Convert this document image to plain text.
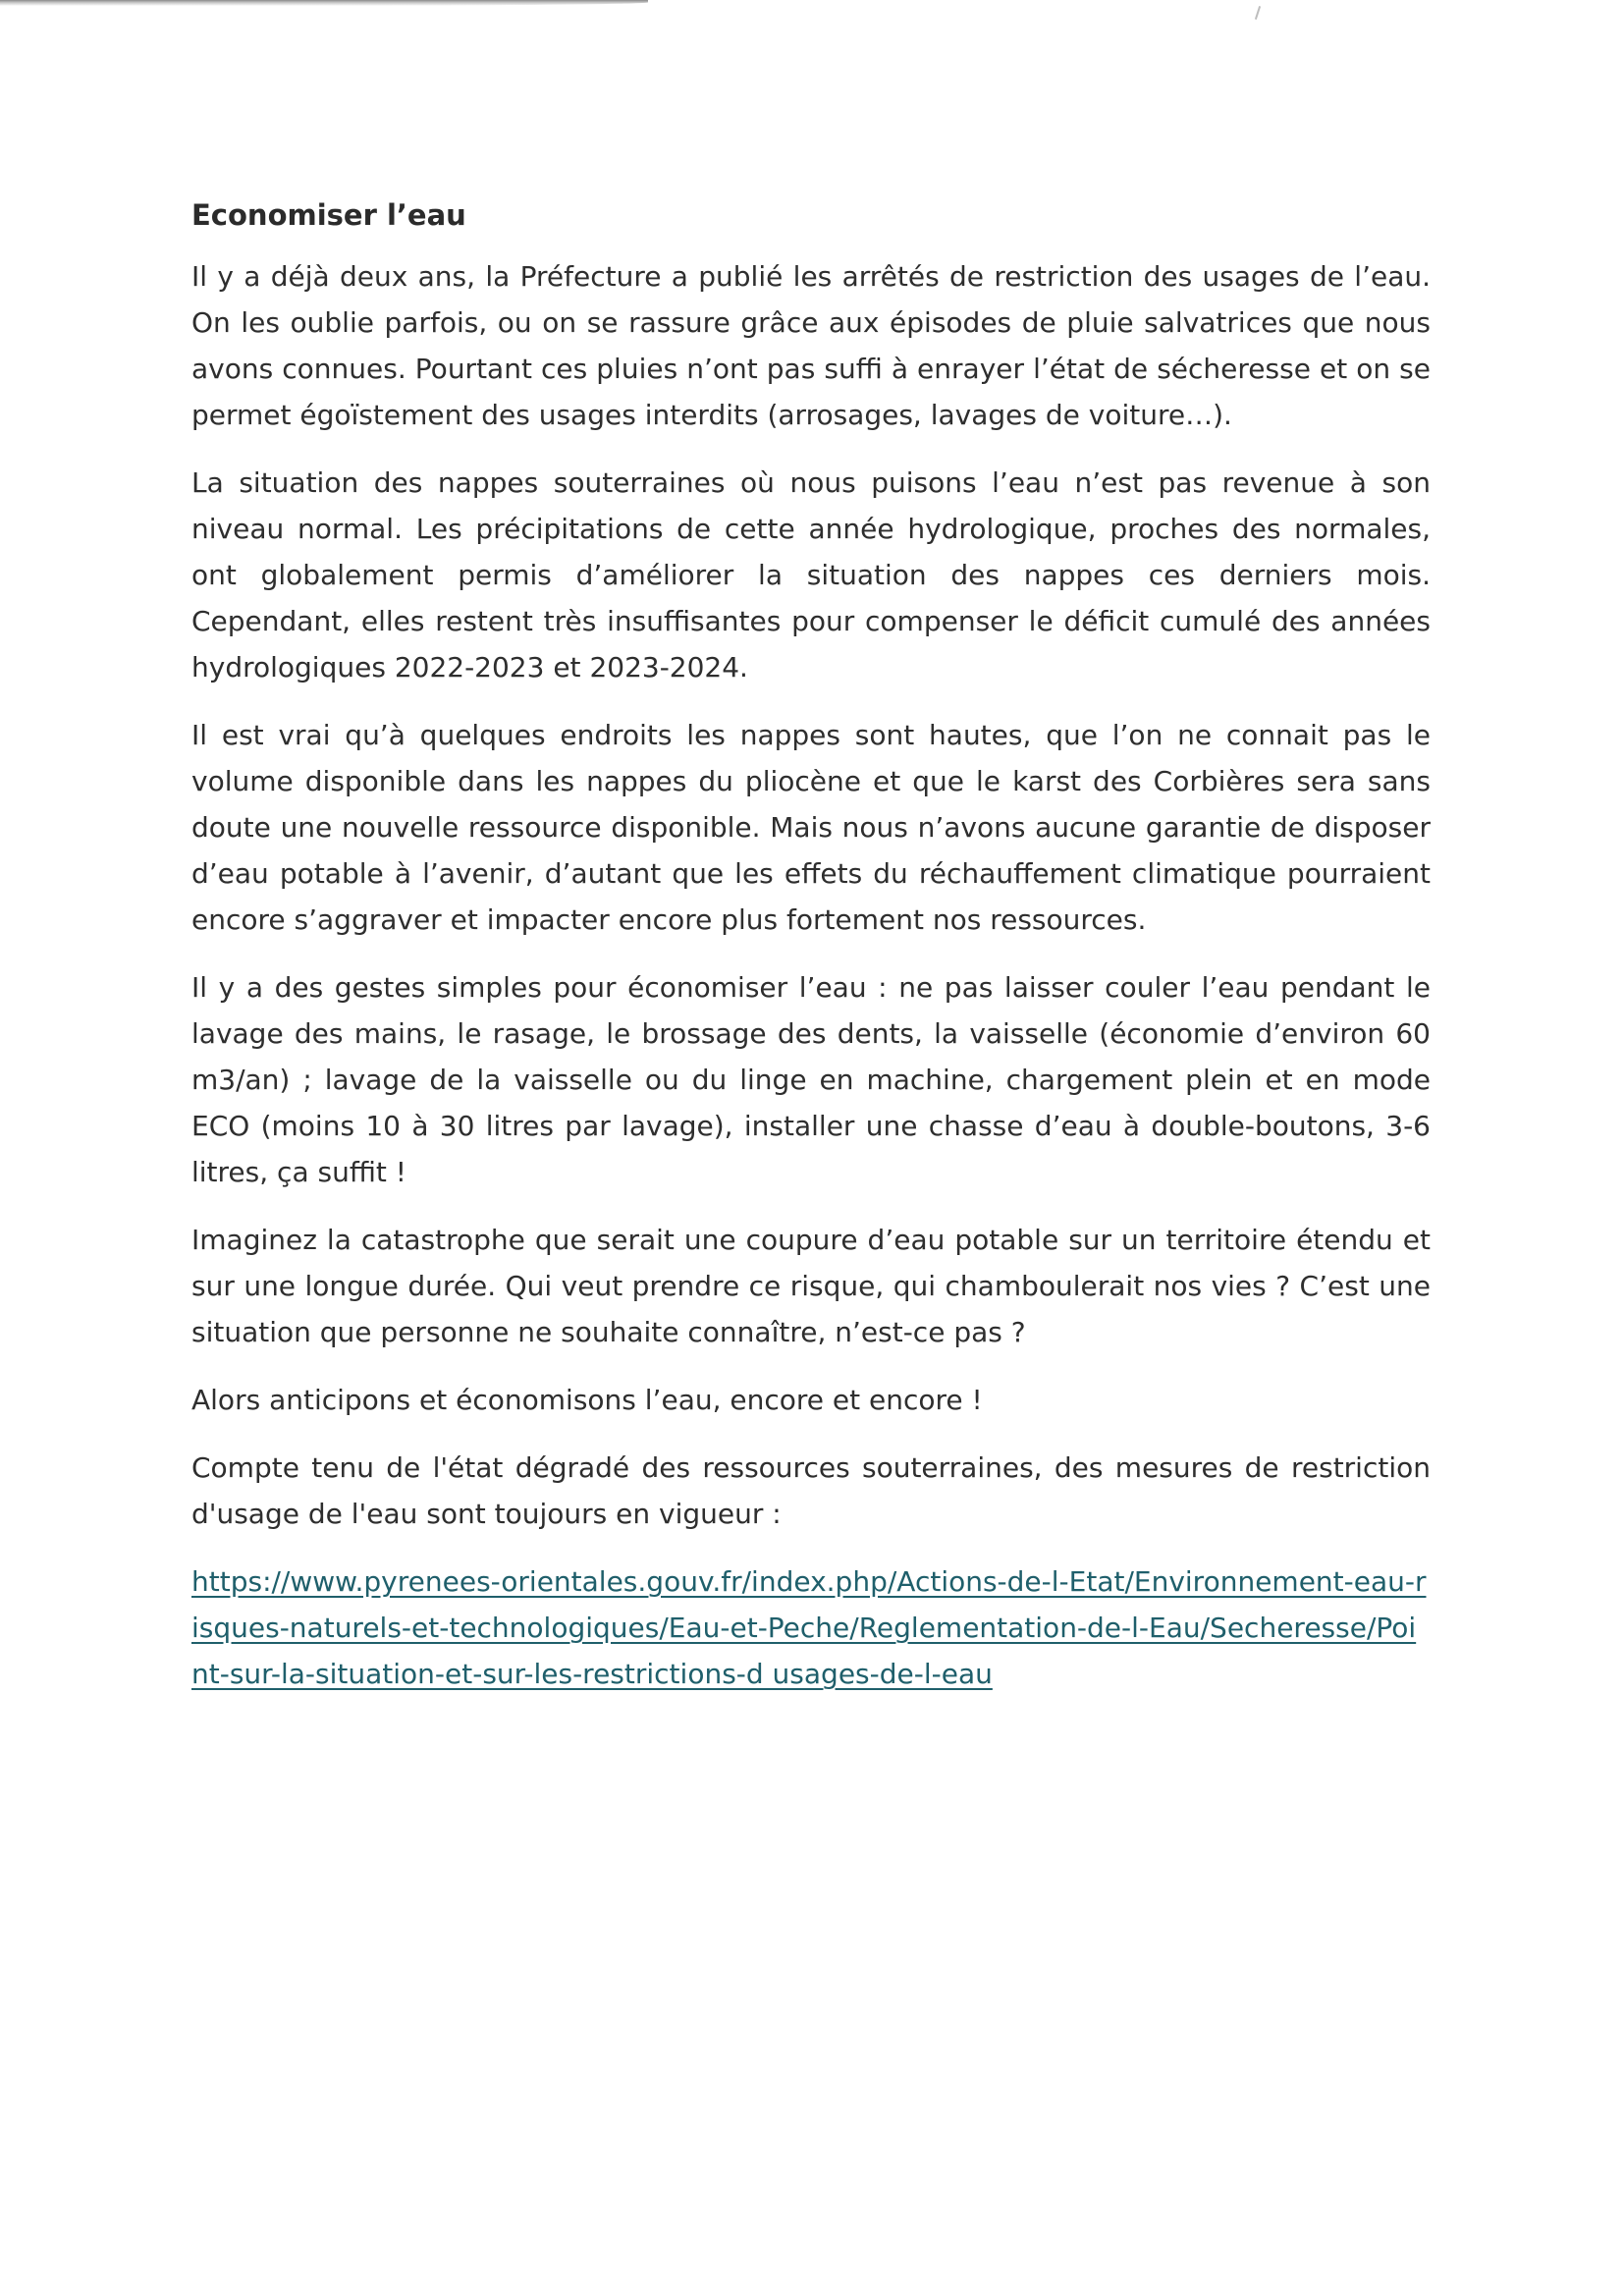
Economiser l’eau

Il y a déjà deux ans, la Préfecture a publié les arrêtés de restriction des usages de l’eau. On les oublie parfois, ou on se rassure grâce aux épisodes de pluie salvatrices que nous avons connues. Pourtant ces pluies n’ont pas suffi à enrayer l’état de sécheresse et on se permet égoïstement des usages interdits (arrosages, lavages de voiture…).

La situation des nappes souterraines où nous puisons l’eau n’est pas revenue à son niveau normal. Les précipitations de cette année hydrologique, proches des normales, ont globalement permis d’améliorer la situation des nappes ces derniers mois. Cependant, elles restent très insuffisantes pour compenser le déficit cumulé des années hydrologiques 2022-2023 et 2023-2024.

Il est vrai qu’à quelques endroits les nappes sont hautes, que l’on ne connait pas le volume disponible dans les nappes du pliocène et que le karst des Corbières sera sans doute une nouvelle ressource disponible. Mais nous n’avons aucune garantie de disposer d’eau potable à l’avenir, d’autant que les effets du réchauffement climatique pourraient encore s’aggraver et impacter encore plus fortement nos ressources.

Il y a des gestes simples pour économiser l’eau : ne pas laisser couler l’eau pendant le lavage des mains, le rasage, le brossage des dents, la vaisselle (économie d’environ 60 m3/an) ; lavage de la vaisselle ou du linge en machine, chargement plein et en mode ECO (moins 10 à 30 litres par lavage), installer une chasse d’eau à double-boutons, 3-6 litres, ça suffit !

Imaginez la catastrophe que serait une coupure d’eau potable sur un territoire étendu et sur une longue durée. Qui veut prendre ce risque, qui chamboulerait nos vies ? C’est une situation que personne ne souhaite connaître, n’est-ce pas ?

Alors anticipons et économisons l’eau, encore et encore !

Compte tenu de l'état dégradé des ressources souterraines, des mesures de restriction d'usage de l'eau sont toujours en vigueur :

https://www.pyrenees-orientales.gouv.fr/index.php/Actions-de-l-Etat/Environnement-eau-risques-naturels-et-technologiques/Eau-et-Peche/Reglementation-de-l-Eau/Secheresse/Point-sur-la-situation-et-sur-les-restrictions-d usages-de-l-eau
